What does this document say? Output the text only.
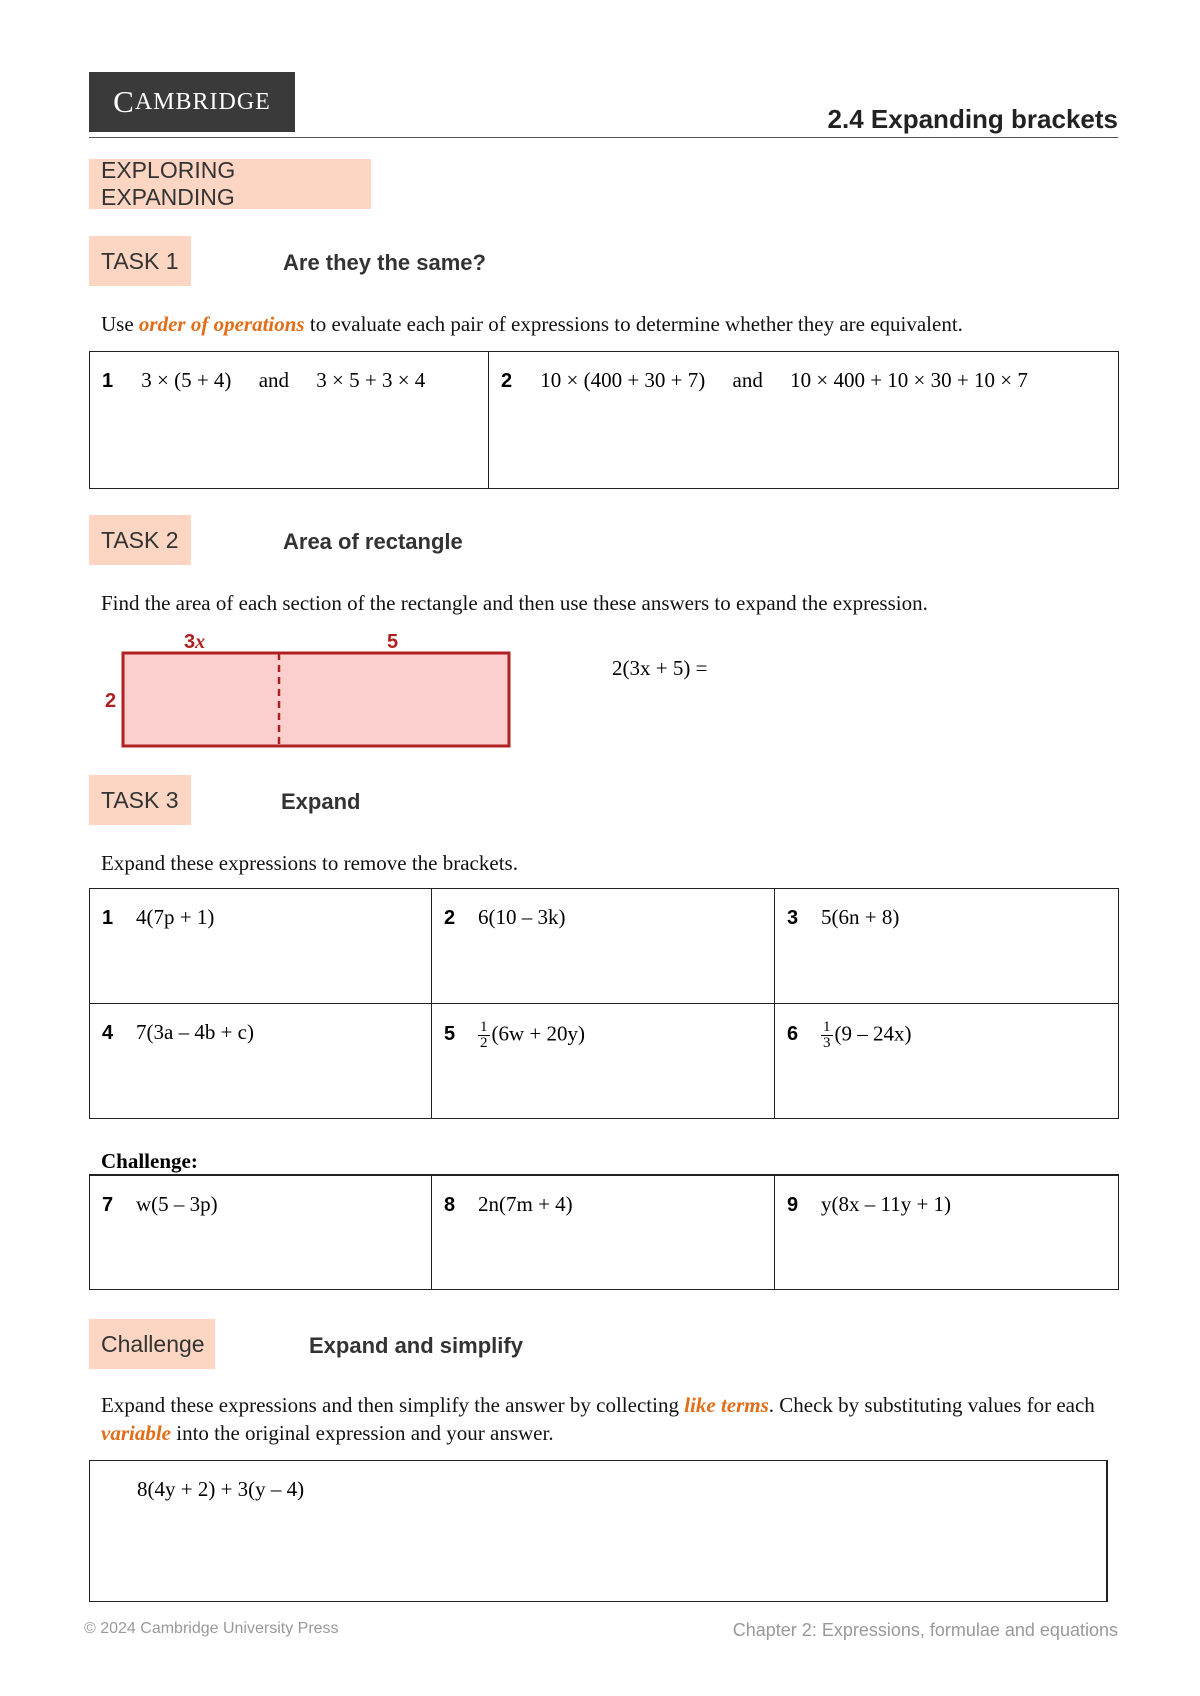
C AMBRIDGE
2.4 Expanding brackets
EXPLORING EXPANDING
TASK 1	Are they the same?
Use order of operations to evaluate each pair of expressions to determine whether they are equivalent.
1 3 × (5 + 4) and 3 × 5 + 3 × 4	2 10 × (400 + 30 + 7) and 10 × 400 + 10 × 30 + 10 × 7
TASK 2	Area of rectangle
Find the area of each section of the rectangle and then use these answers to expand the expression.
3x	5
2
2(3x + 5) =
TASK 3	Expand
Expand these expressions to remove the brackets.
1 4(7p + 1)	2 6(10 – 3k)	3 5(6n + 8)
4 7(3a – 4b + c)	$5 \frac{1}{2} (6w + 20y)$	$6 \frac{1}{3} (9 - 24x)$
Challenge:
7 w(5 – 3p)	8 2n(7m + 4)	9 y(8x – 11y + 1)
Challenge	Expand and simplify
Expand these expressions and then simplify the answer by collecting like terms. Check by substituting values for each variable into the original expression and your answer.
8(4y + 2) + 3(y – 4)
© 2024 Cambridge University Press	Chapter 2: Expressions, formulae and equations
